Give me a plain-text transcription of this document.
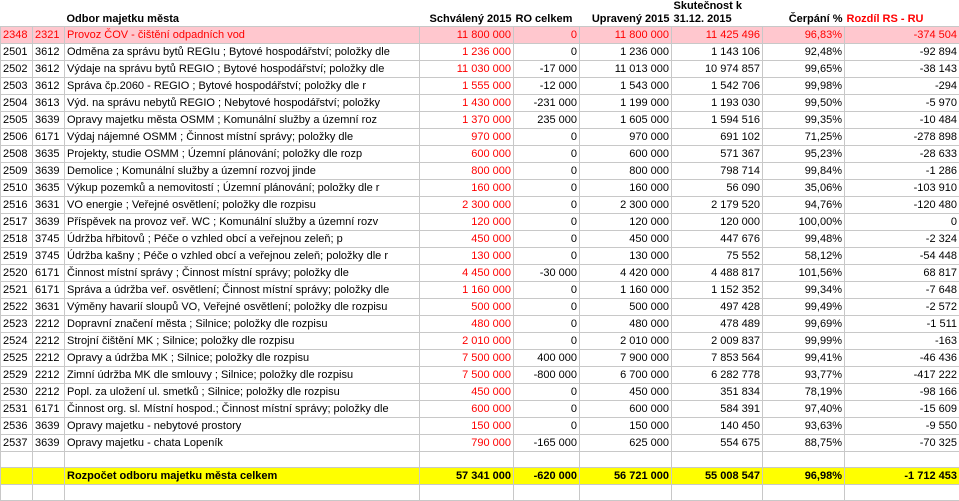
						Skutečnost k		
		Odbor majetku města	Schválený 2015	RO celkem	Upravený 2015	31.12. 2015	Čerpání %	Rozdíl RS - RU
2348	2321	Provoz ČOV - čištění odpadních vod	11 800 000	0	11 800 000	11 425 496	96,83%	-374 504
2501	3612	Odměna za správu bytů REGIu ; Bytové hospodářství; položky dle	1 236 000	0	1 236 000	1 143 106	92,48%	-92 894
2502	3612	Výdaje na správu bytů REGIO ; Bytové hospodářství; položky dle	11 030 000	-17 000	11 013 000	10 974 857	99,65%	-38 143
2503	3612	Správa čp.2060 - REGIO ; Bytové hospodářství; položky dle r	1 555 000	-12 000	1 543 000	1 542 706	99,98%	-294
2504	3613	Výd. na správu nebytů REGIO ; Nebytové hospodářství; položky	1 430 000	-231 000	1 199 000	1 193 030	99,50%	-5 970
2505	3639	Opravy majetku města OSMM ; Komunální služby a územní roz	1 370 000	235 000	1 605 000	1 594 516	99,35%	-10 484
2506	6171	Výdaj nájemné OSMM ; Činnost místní správy; položky dle	970 000	0	970 000	691 102	71,25%	-278 898
2508	3635	Projekty, studie OSMM ; Územní plánování; položky dle rozp	600 000	0	600 000	571 367	95,23%	-28 633
2509	3639	Demolice ; Komunální služby a územní rozvoj jinde	800 000	0	800 000	798 714	99,84%	-1 286
2510	3635	Výkup pozemků a nemovitostí ; Územní plánování; položky dle r	160 000	0	160 000	56 090	35,06%	-103 910
2516	3631	VO energie ; Veřejné osvětlení; položky dle rozpisu	2 300 000	0	2 300 000	2 179 520	94,76%	-120 480
2517	3639	Příspěvek na provoz veř. WC ; Komunální služby a územní rozv	120 000	0	120 000	120 000	100,00%	0
2518	3745	Údržba hřbitovů ; Péče o vzhled obcí a veřejnou zeleň; p	450 000	0	450 000	447 676	99,48%	-2 324
2519	3745	Údržba kašny ; Péče o vzhled obcí a veřejnou zeleň; položky dle r	130 000	0	130 000	75 552	58,12%	-54 448
2520	6171	Činnost místní správy ; Činnost místní správy; položky dle	4 450 000	-30 000	4 420 000	4 488 817	101,56%	68 817
2521	6171	Správa a údržba veř. osvětlení; Činnost místní správy; položky dle	1 160 000	0	1 160 000	1 152 352	99,34%	-7 648
2522	3631	Výměny havarií sloupů VO, Veřejné osvětlení; položky dle rozpisu	500 000	0	500 000	497 428	99,49%	-2 572
2523	2212	Dopravní značení města ; Silnice; položky dle rozpisu	480 000	0	480 000	478 489	99,69%	-1 511
2524	2212	Strojní čištění MK ; Silnice; položky dle rozpisu	2 010 000	0	2 010 000	2 009 837	99,99%	-163
2525	2212	Opravy a údržba MK ; Silnice; položky dle rozpisu	7 500 000	400 000	7 900 000	7 853 564	99,41%	-46 436
2529	2212	Zimní údržba MK dle smlouvy ; Silnice; položky dle rozpisu	7 500 000	-800 000	6 700 000	6 282 778	93,77%	-417 222
2530	2212	Popl. za uložení ul. smetků ; Silnice; položky dle rozpisu	450 000	0	450 000	351 834	78,19%	-98 166
2531	6171	Činnost org. sl. Místní hospod.; Činnost místní správy; položky dle	600 000	0	600 000	584 391	97,40%	-15 609
2536	3639	Opravy majetku - nebytové prostory	150 000	0	150 000	140 450	93,63%	-9 550
2537	3639	Opravy majetku - chata Lopeník	790 000	-165 000	625 000	554 675	88,75%	-70 325

		Rozpočet odboru majetku města celkem	57 341 000	-620 000	56 721 000	55 008 547	96,98%	-1 712 453
